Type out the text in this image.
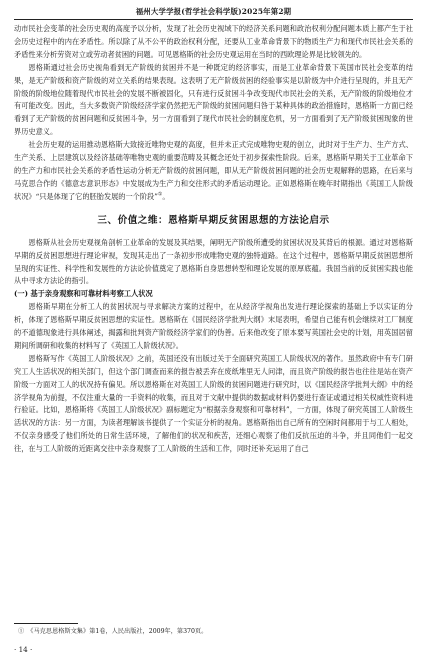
福州大学学报(哲学社会科学版)2025年第2期

动市民社会变革的社会历史观的高度予以分析，发现了社会历史视域下的经济关系问题和政治权利分配问题本质上都产生于社会历史过程中的内在矛盾性。所以除了从不公平的政治权利分配，还要从工业革命背景下的物质生产力和现代市民社会关系的矛盾性来分析劳资对立或劳动者贫困的问题。可见恩格斯的社会历史观运用在当时的西欧理论界是比较领先的。

恩格斯通过社会历史视角看到无产阶级的贫困并不是一种既定的经济事实，而是工业革命背景下英国市民社会变革的结果，是无产阶级和资产阶级的对立关系的结果表现。这表明了无产阶级贫困的经验事实是以阶级为中介进行呈现的，并且无产阶级的阶级地位随着现代市民社会的发展不断被固化，只有进行反贫困斗争改变现代市民社会的关系，无产阶级的阶级地位才有可能改变。因此，当大多数资产阶级经济学家仍然把无产阶级的贫困问题归咎于某种具体的政治措施时，恩格斯一方面已经看到了无产阶级的贫困问题和反贫困斗争，另一方面看到了现代市民社会的制度危机，另一方面看到了无产阶级贫困现象的世界历史意义。

社会历史观的运用推动恩格斯大致接近唯物史观的高度，但并未正式完成唯物史观的创立，此时对于生产力、生产方式、生产关系、上层建筑以及经济基础等唯物史观的重要范畴及其概念还处于初步探索性阶段。后来，恩格斯早期关于工业革命下的生产力和市民社会关系的矛盾性运动分析无产阶级的贫困问题，即从无产阶级贫困问题的社会历史观解释的思路，在后来与马克思合作的《德意志意识形态》中发展成为生产力和交往形式的矛盾运动理论。正如恩格斯在晚年时期指出《英国工人阶级状况》“只是体现了它的胚胎发展的一个阶段”①。

三、价值之维：恩格斯早期反贫困思想的方法论启示

恩格斯从社会历史观视角剖析工业革命的发展及其结果，阐明无产阶级所遭受的贫困状况及其背后的根源。通过对恩格斯早期的反贫困思想进行理论审视，发现其走出了一条初步形成唯物史观的独特道路。在这个过程中，恩格斯早期反贫困思想所呈现的实证性、科学性和发展性的方法论价值奠定了恩格斯自身思想转型和理论发展的原厚底蕴。我国当前的反贫困实践也能从中寻求方法论的指引。

(一) 基于亲身观察和可靠材料考察工人状况

恩格斯早期在分析工人的贫困状况与寻求解决方案的过程中，在从经济学视角出发进行理论探索的基础上予以实证的分析，体现了恩格斯早期反贫困思想的实证性。恩格斯在《国民经济学批判大纲》末尾表明，希望自己能有机会继续对工厂制度的不道德现象进行具体阐述，揭露和批判资产阶级经济学家们的伪善。后来他改变了原本要写英国社会史的计划，用英国居留期间所调研和收集的材料写了《英国工人阶级状况》。

恩格斯写作《英国工人阶级状况》之前，英国还没有出版过关于全面研究英国工人阶级状况的著作。虽然政府中有专门研究工人生活状况的相关部门，但这个部门调查而来的报告被丢弃在废纸堆里无人问津，而且资产阶级的报告也往往是站在资产阶级一方面对工人的状况持有偏见。所以恩格斯在对英国工人阶级的贫困问题进行研究时，以《国民经济学批判大纲》中的经济学视角为前提，不仅注重大量的一手资料的收集，而且对于文献中提供的数据或材料仍要进行查证或通过相关权威性资料进行验证。比如，恩格斯将《英国工人阶级状况》副标题定为“根据亲身观察和可靠材料”，一方面，体现了研究英国工人阶级生活状况的方法：另一方面，为读者理解该书提供了一个实证分析的视角。恩格斯指出自己所有的空闲时间都用于与工人相处，不仅亲身感受了他们所处的日常生活环境，了解他们的状况和疾苦，还细心观察了他们反抗压迫的斗争，并且同他们一起交往，在与工人阶级的近距离交往中亲身观察了工人阶级的生活和工作，同时还补充运用了自己

①　《马克思恩格斯文集》第1卷，人民出版社，2009年，第370页。
· 14 ·
